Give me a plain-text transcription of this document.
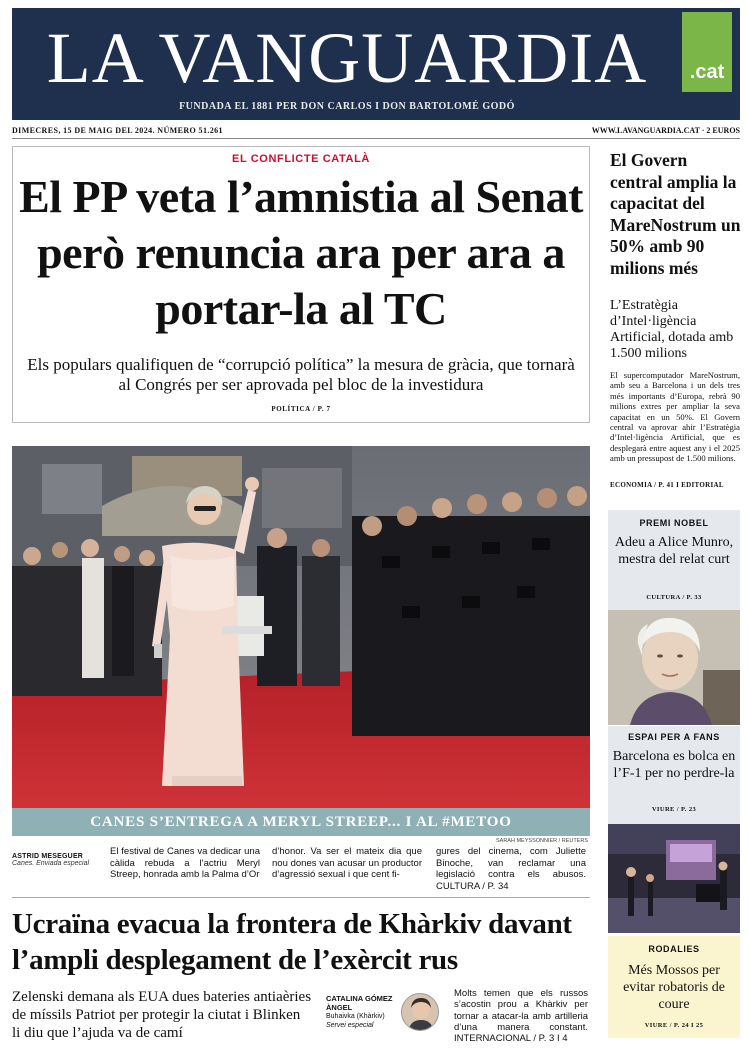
LA VANGUARDIA	.cat
FUNDADA EL 1881 PER DON CARLOS I DON BARTOLOMÉ GODÓ
DIMECRES, 15 DE MAIG DEL 2024. NÚMERO 51.261	WWW.LAVANGUARDIA.CAT · 2 EUROS
EL CONFLICTE CATALÀ
El PP veta l’amnistia al Senat però renuncia ara per ara a portar-la al TC
Els populars qualifiquen de “corrupció política” la mesura de gràcia, que tornarà al Congrés per ser aprovada pel bloc de la investidura
POLÍTICA / P. 7
El Govern central amplia la capacitat del MareNostrum un 50% amb 90 milions més
L’Estratègia d’Intel·ligència Artificial, dotada amb 1.500 milions
El supercomputador MareNostrum, amb seu a Barcelona i un dels tres més importants d’Europa, rebrà 90 milions extres per ampliar la seva capacitat en un 50%. El Govern central va aprovar ahir l’Estratègia d’Intel·ligència Artificial, que es desplegarà entre aquest any i el 2025 amb un pressupost de 1.500 milions.
ECONOMIA / P. 41 I EDITORIAL
PREMI NOBEL
Adeu a Alice Munro, mestra del relat curt
CULTURA / P. 33
ESPAI PER A FANS
Barcelona es bolca en l’F-1 per no perdre-la
VIURE / P. 23
RODALIES
Més Mossos per evitar robatoris de coure
VIURE / P. 24 I 25
CANES S’ENTREGA A MERYL STREEP... I AL #METOO
SARAH MEYSSONNIER / REUTERS
ASTRID MESEGUER
Canes. Enviada especial
El festival de Canes va dedicar una càlida rebuda a l’actriu Meryl Streep, honrada amb la Palma d’Or
d’honor. Va ser el mateix dia que nou dones van acusar un productor d’agressió sexual i que cent fi-
gures del cinema, com Juliette Binoche, van reclamar una legislació contra els abusos. CULTURA / P. 34
Ucraïna evacua la frontera de Khàrkiv davant l’ampli desplegament de l’exèrcit rus
Zelenski demana als EUA dues bateries antiaèries de míssils Patriot per protegir la ciutat i Blinken li diu que l’ajuda va de camí
CATALINA GÓMEZ ÀNGEL
Buhaivka (Khàrkiv)
Servei especial
Molts temen que els russos s’acostin prou a Khàrkiv per tornar a atacar-la amb artilleria d’una manera constant. INTERNACIONAL / P. 3 I 4
